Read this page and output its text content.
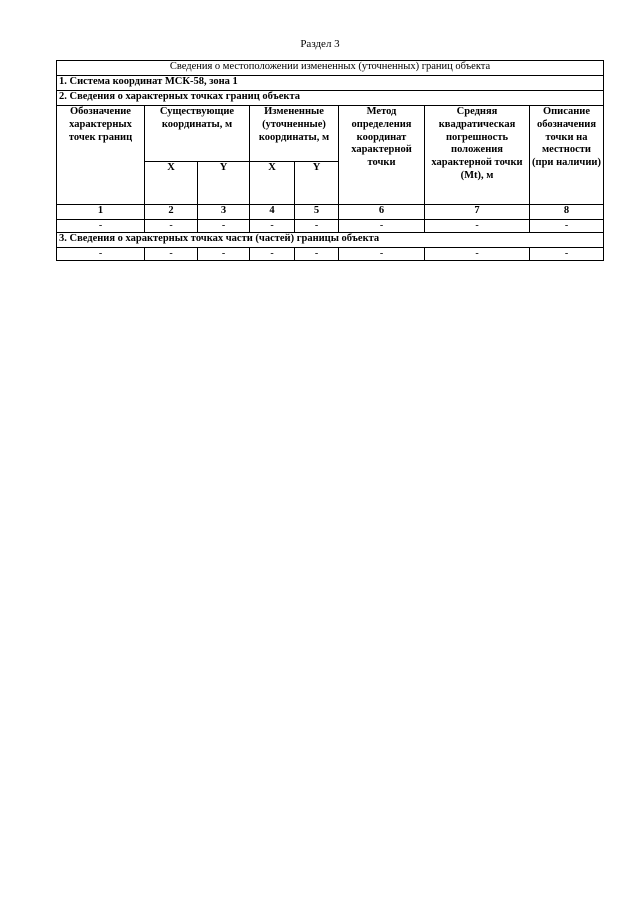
Раздел 3
Сведения о местоположении измененных (уточненных) границ объекта							
1. Система координат МСК-58, зона 1							
2. Сведения о характерных точках границ объекта							
Обозначение характерных точек границ	Существующие координаты, м		Измененные (уточненные) координаты, м		Метод определения координат характерной точки	Средняя квадратическая погрешность положения характерной точки (Mt), м	Описание обозначения точки на местности (при наличии)
	X	Y	X	Y			
1	2	3	4	5	6	7	8
-	-	-	-	-	-	-	-
3. Сведения о характерных точках части (частей) границы объекта							
-	-	-	-	-	-	-	-
